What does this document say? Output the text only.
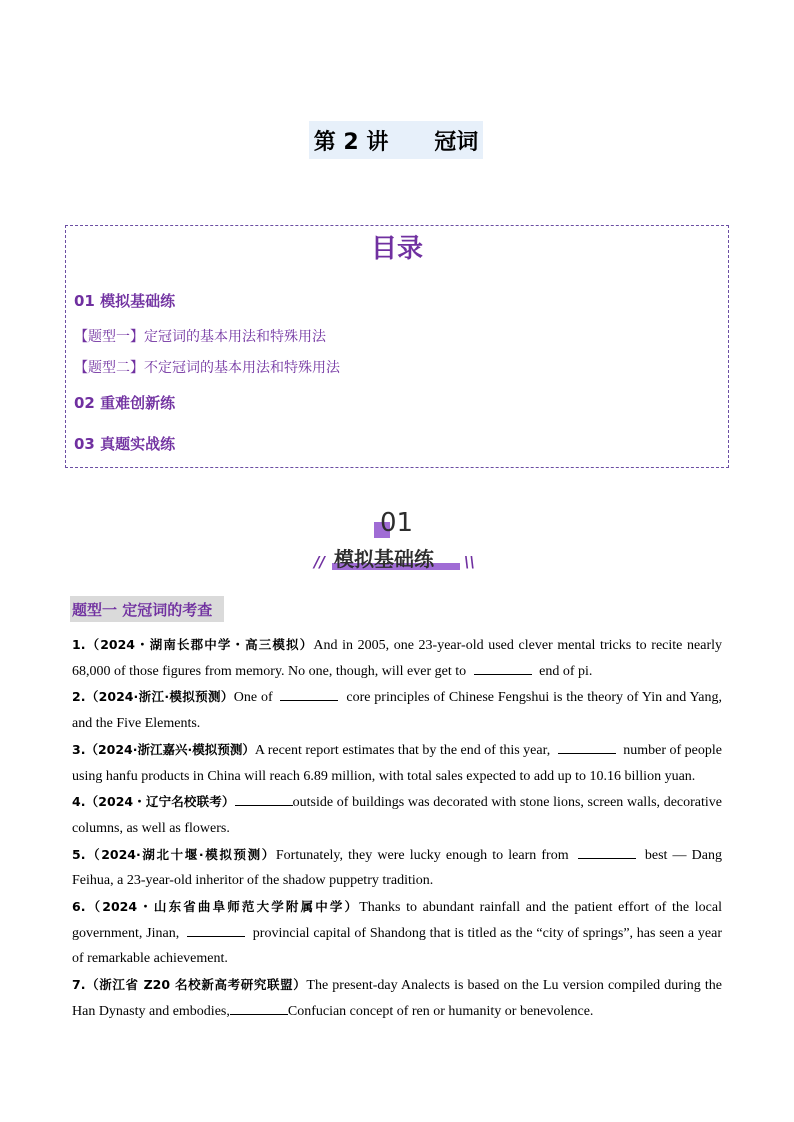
第 2 讲      冠词
目录
01 模拟基础练
【题型一】定冠词的基本用法和特殊用法
【题型二】不定冠词的基本用法和特殊用法
02 重难创新练
03 真题实战练
01
// 模拟基础练 \\
题型一 定冠词的考查

1.（2024・湖南长郡中学・高三模拟）And in 2005, one 23-year-old used clever mental tricks to recite nearly 68,000 of those figures from memory. No one, though, will ever get to	end of pi.

2.（2024·浙江·模拟预测）One of	core principles of Chinese Fengshui is the theory of Yin and Yang, and the Five Elements.

3.（2024·浙江嘉兴·模拟预测）A recent report estimates that by the end of this year,	number of people using hanfu products in China will reach 6.89 million, with total sales expected to add up to 10.16 billion yuan.

4.（2024・辽宁名校联考）	outside of buildings was decorated with stone lions, screen walls, decorative columns, as well as flowers.

5.（2024·湖北十堰·模拟预测）Fortunately, they were lucky enough to learn from	best — Dang Feihua, a 23-year-old inheritor of the shadow puppetry tradition.

6.（2024・山东省曲阜师范大学附属中学）Thanks to abundant rainfall and the patient effort of the local government, Jinan,	provincial capital of Shandong that is titled as the “city of springs”, has seen a year of remarkable achievement.

7.（浙江省 Z20 名校新高考研究联盟）The present-day Analects is based on the Lu version compiled during the Han Dynasty and embodies,	Confucian concept of ren or humanity or benevolence.
